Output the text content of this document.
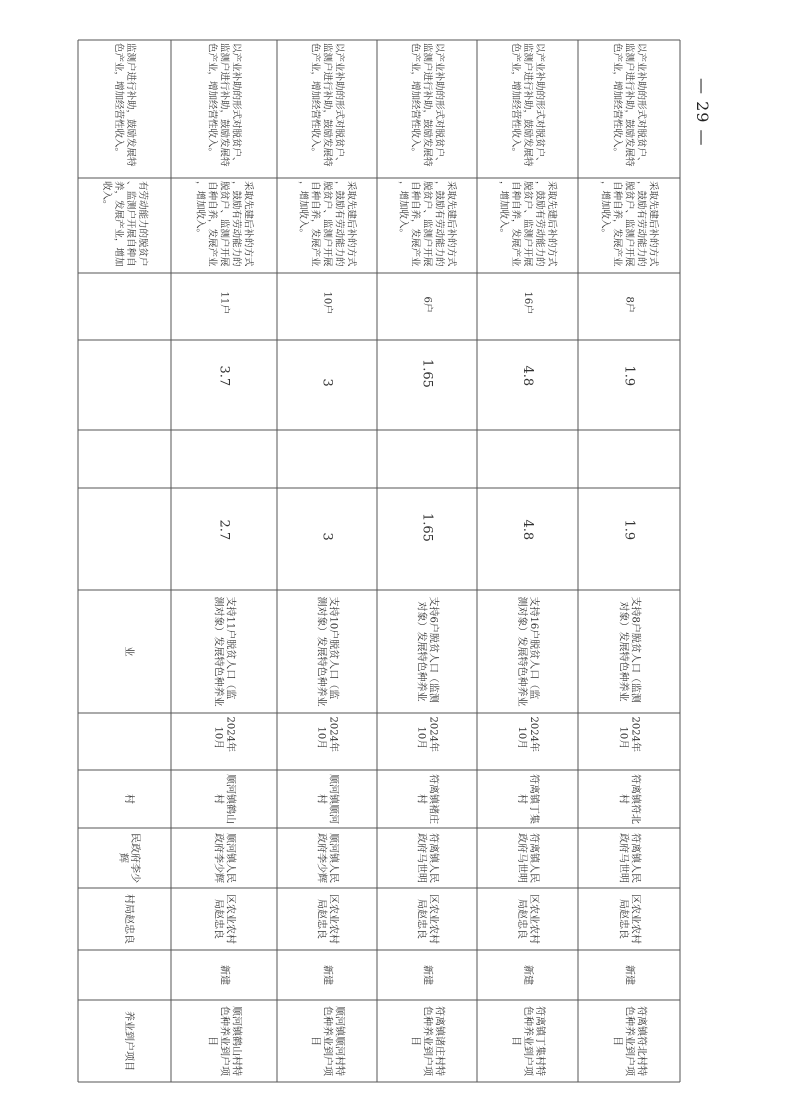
— 29 —
养业到户项目
村局赵忠良
民政府李少
辉
村
业
有劳动能力的脱贫户
、监测户开展自种自
养，发展产业，增加
收入。
监测户进行补助，鼓励发展特
色产业，增加经营性收入。
顺河镇鹤山村特
色种养业到户项
目
新建
区农业农村
局赵忠良
顺河镇人民
政府李少辉
顺河镇鹤山
村
2024年
10月
支持11户脱贫人口（监
测对象）发展特色种养业
2.7
3.7
11户
采取先建后补的方式
，鼓励有劳动能力的
脱贫户、监测户开展
自种自养，发展产业
，增加收入。
以产业补助的形式对脱贫户、
监测户进行补助，鼓励发展特
色产业，增加经营性收入。
顺河镇顺河村特
色种养业到户项
目
新建
区农业农村
局赵忠良
顺河镇人民
政府李少辉
顺河镇顺河
村
2024年
10月
支持10户脱贫人口（监
测对象）发展特色种养业
3
3
10户
采取先建后补的方式
，鼓励有劳动能力的
脱贫户、监测户开展
自种自养，发展产业
，增加收入。
以产业补助的形式对脱贫户、
监测户进行补助，鼓励发展特
色产业，增加经营性收入。
符离镇诸庄村特
色种养业到户项
目
新建
区农业农村
局赵忠良
符离镇人民
政府马世明
符离镇褚庄
村
2024年
10月
支持6户脱贫人口（监测
对象）发展特色种养业
1.65
1.65
6户
采取先建后补的方式
，鼓励有劳动能力的
脱贫户、监测户开展
自种自养，发展产业
，增加收入。
以产业补助的形式对脱贫户、
监测户进行补助，鼓励发展特
色产业，增加经营性收入。
符离镇丁集村特
色种养业到户项
目
新建
区农业农村
局赵忠良
符离镇人民
政府马世明
符离镇丁集
村
2024年
10月
支持16户脱贫人口（监
测对象）发展特色种养业
4.8
4.8
16户
采取先建后补的方式
，鼓励有劳动能力的
脱贫户、监测户开展
自种自养，发展产业
，增加收入。
以产业补助的形式对脱贫户、
监测户进行补助，鼓励发展特
色产业，增加经营性收入。
符离镇符北村特
色种养业到户项
目
新建
区农业农村
局赵忠良
符离镇人民
政府马世明
符离镇符北
村
2024年
10月
支持8户脱贫人口（监测
对象）发展特色种养业
1.9
1.9
8户
采取先建后补的方式
，鼓励有劳动能力的
脱贫户、监测户开展
自种自养，发展产业
，增加收入。
以产业补助的形式对脱贫户、
监测户进行补助，鼓励发展特
色产业，增加经营性收入。
